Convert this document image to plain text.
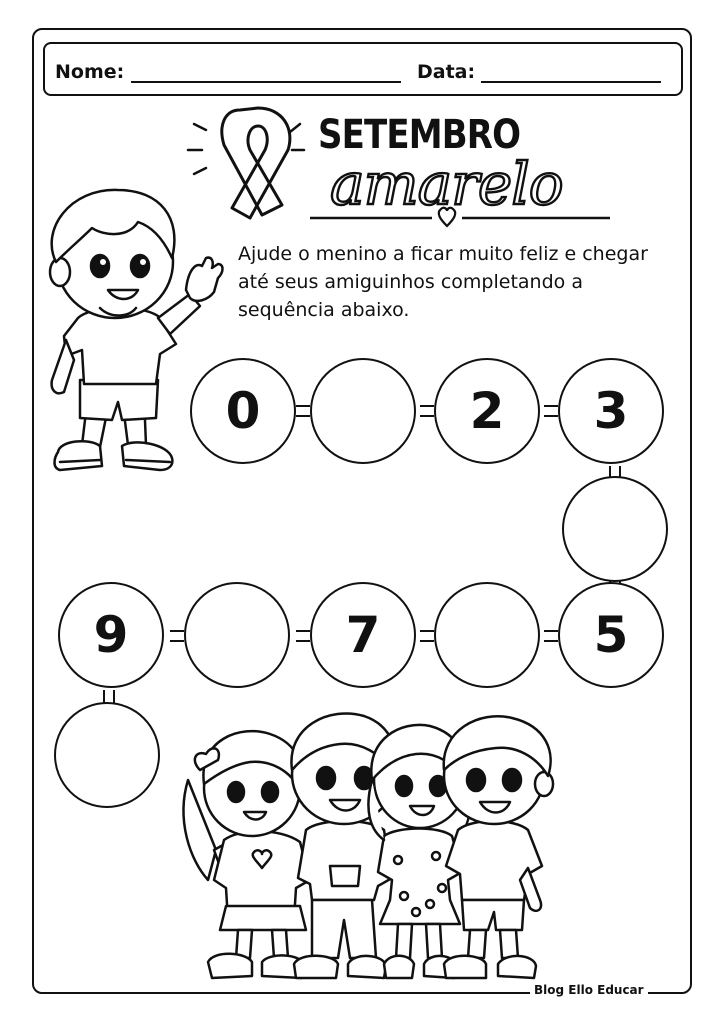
Nome:	Data:
SETEMBRO
amarelo
Ajude o menino a ficar muito feliz e chegar até seus amiguinhos completando a sequência abaixo.
0	2	3
5
7
9
Blog Ello Educar
